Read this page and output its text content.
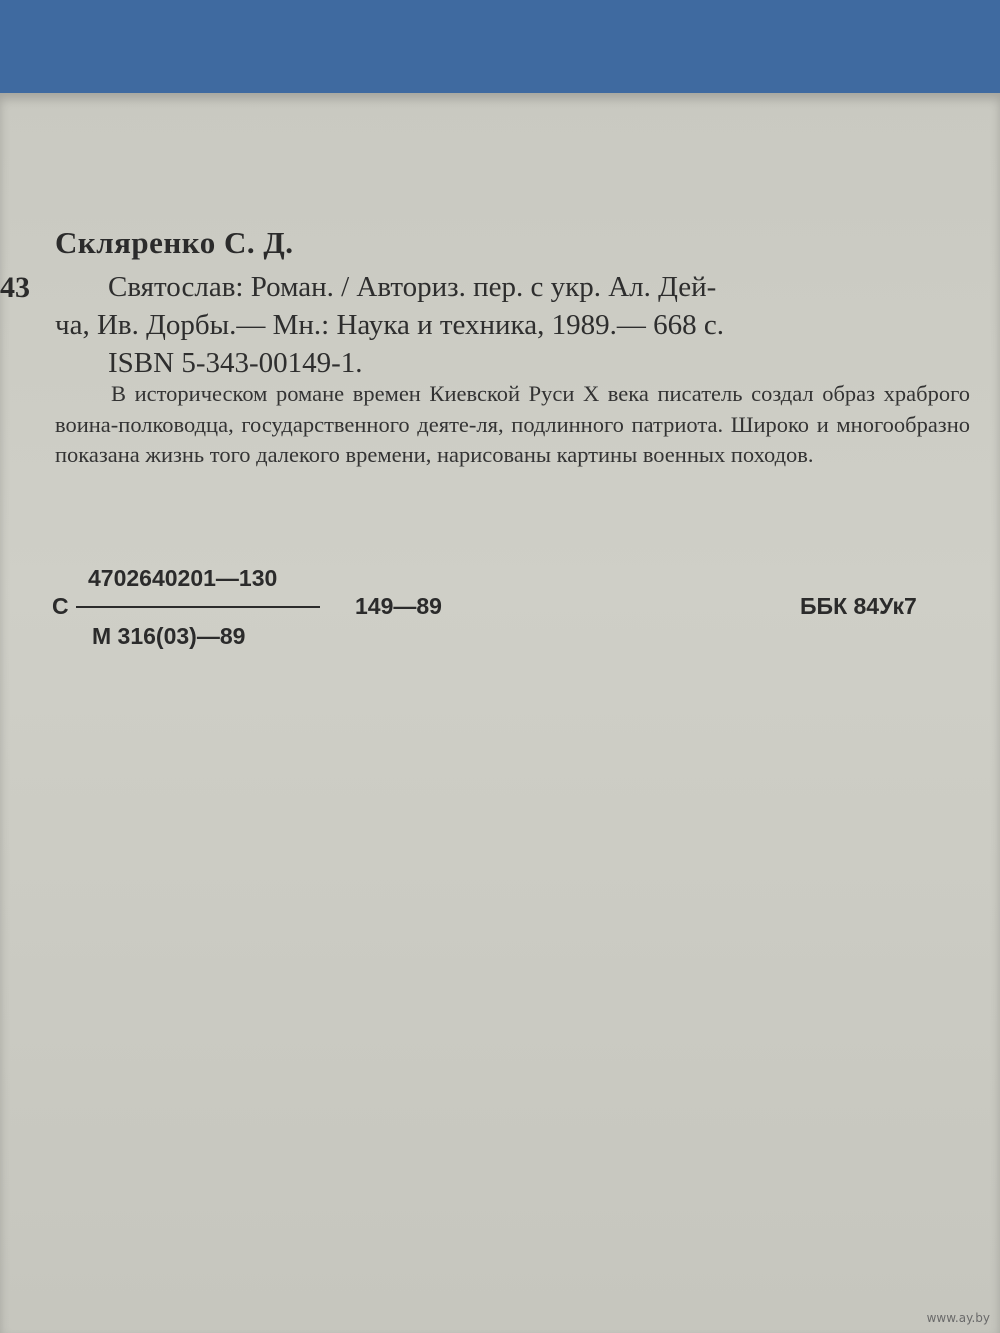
Скляренко С. Д.
43	Святослав: Роман. / Авториз. пер. с укр. Ал. Дей-
ча, Ив. Дорбы.— Мн.: Наука и техника, 1989.— 668 с.
ISBN 5-343-00149-1.
В историческом романе времен Киевской Руси X века писатель создал образ храброго воина-полководца, государственного деяте-ля, подлинного патриота. Широко и многообразно показана жизнь того далекого времени, нарисованы картины военных походов.
4702640201—130
С
М 316(03)—89
149—89	ББК 84Ук7
www.ay.by
